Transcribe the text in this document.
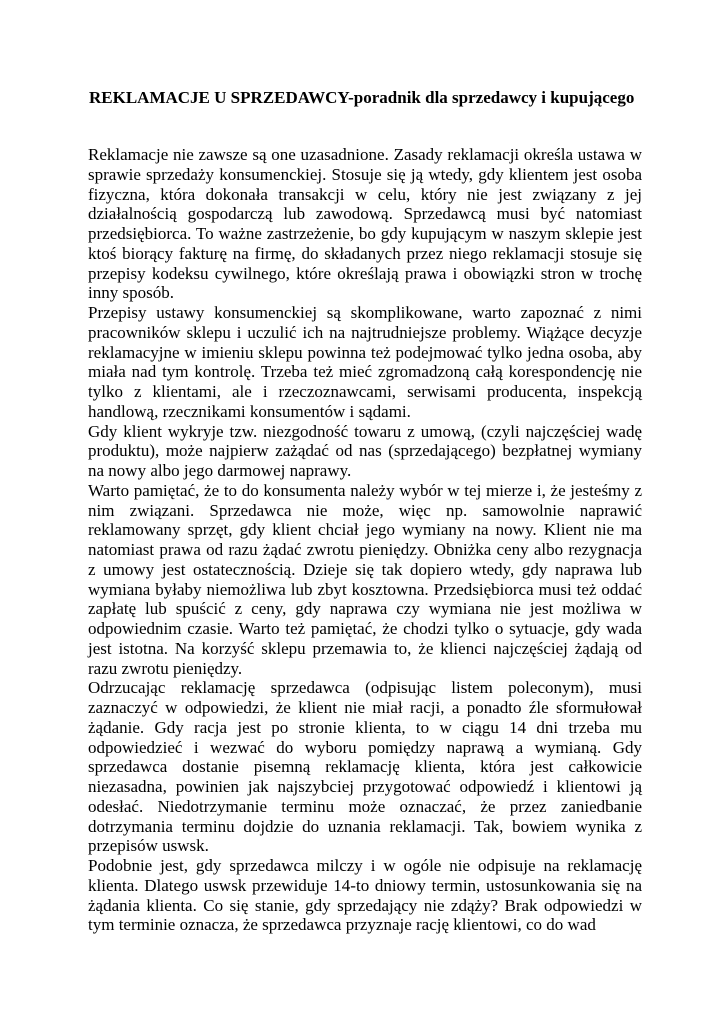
REKLAMACJE U SPRZEDAWCY-poradnik dla sprzedawcy i kupującego

Reklamacje nie zawsze są one uzasadnione. Zasady reklamacji określa ustawa w sprawie sprzedaży konsumenckiej. Stosuje się ją wtedy, gdy klientem jest osoba fizyczna, która dokonała transakcji w celu, który nie jest związany z jej działalnością gospodarczą lub zawodową. Sprzedawcą musi być natomiast przedsiębiorca. To ważne zastrzeżenie, bo gdy kupującym w naszym sklepie jest ktoś biorący fakturę na firmę, do składanych przez niego reklamacji stosuje się przepisy kodeksu cywilnego, które określają prawa i obowiązki stron w trochę inny sposób.

Przepisy ustawy konsumenckiej są skomplikowane, warto zapoznać z nimi pracowników sklepu i uczulić ich na najtrudniejsze problemy. Wiążące decyzje reklamacyjne w imieniu sklepu powinna też podejmować tylko jedna osoba, aby miała nad tym kontrolę. Trzeba też mieć zgromadzoną całą korespondencję nie tylko z klientami, ale i rzeczoznawcami, serwisami producenta, inspekcją handlową, rzecznikami konsumentów i sądami.

Gdy klient wykryje tzw. niezgodność towaru z umową, (czyli najczęściej wadę produktu), może najpierw zażądać od nas (sprzedającego) bezpłatnej wymiany na nowy albo jego darmowej naprawy.

Warto pamiętać, że to do konsumenta należy wybór w tej mierze i, że jesteśmy z nim związani. Sprzedawca nie może, więc np. samowolnie naprawić reklamowany sprzęt, gdy klient chciał jego wymiany na nowy. Klient nie ma natomiast prawa od razu żądać zwrotu pieniędzy. Obniżka ceny albo rezygnacja z umowy jest ostatecznością. Dzieje się tak dopiero wtedy, gdy naprawa lub wymiana byłaby niemożliwa lub zbyt kosztowna. Przedsiębiorca musi też oddać zapłatę lub spuścić z ceny, gdy naprawa czy wymiana nie jest możliwa w odpowiednim czasie. Warto też pamiętać, że chodzi tylko o sytuacje, gdy wada jest istotna. Na korzyść sklepu przemawia to, że klienci najczęściej żądają od razu zwrotu pieniędzy.

Odrzucając reklamację sprzedawca (odpisując listem poleconym), musi zaznaczyć w odpowiedzi, że klient nie miał racji, a ponadto źle sformułował żądanie. Gdy racja jest po stronie klienta, to w ciągu 14 dni trzeba mu odpowiedzieć i wezwać do wyboru pomiędzy naprawą a wymianą. Gdy sprzedawca dostanie pisemną reklamację klienta, która jest całkowicie niezasadna, powinien jak najszybciej przygotować odpowiedź i klientowi ją odesłać. Niedotrzymanie terminu może oznaczać, że przez zaniedbanie dotrzymania terminu dojdzie do uznania reklamacji. Tak, bowiem wynika z przepisów uswsk.

Podobnie jest, gdy sprzedawca milczy i w ogóle nie odpisuje na reklamację klienta. Dlatego uswsk przewiduje 14-to dniowy termin, ustosunkowania się na żądania klienta. Co się stanie, gdy sprzedający nie zdąży? Brak odpowiedzi w tym terminie oznacza, że sprzedawca przyznaje rację klientowi, co do wad
